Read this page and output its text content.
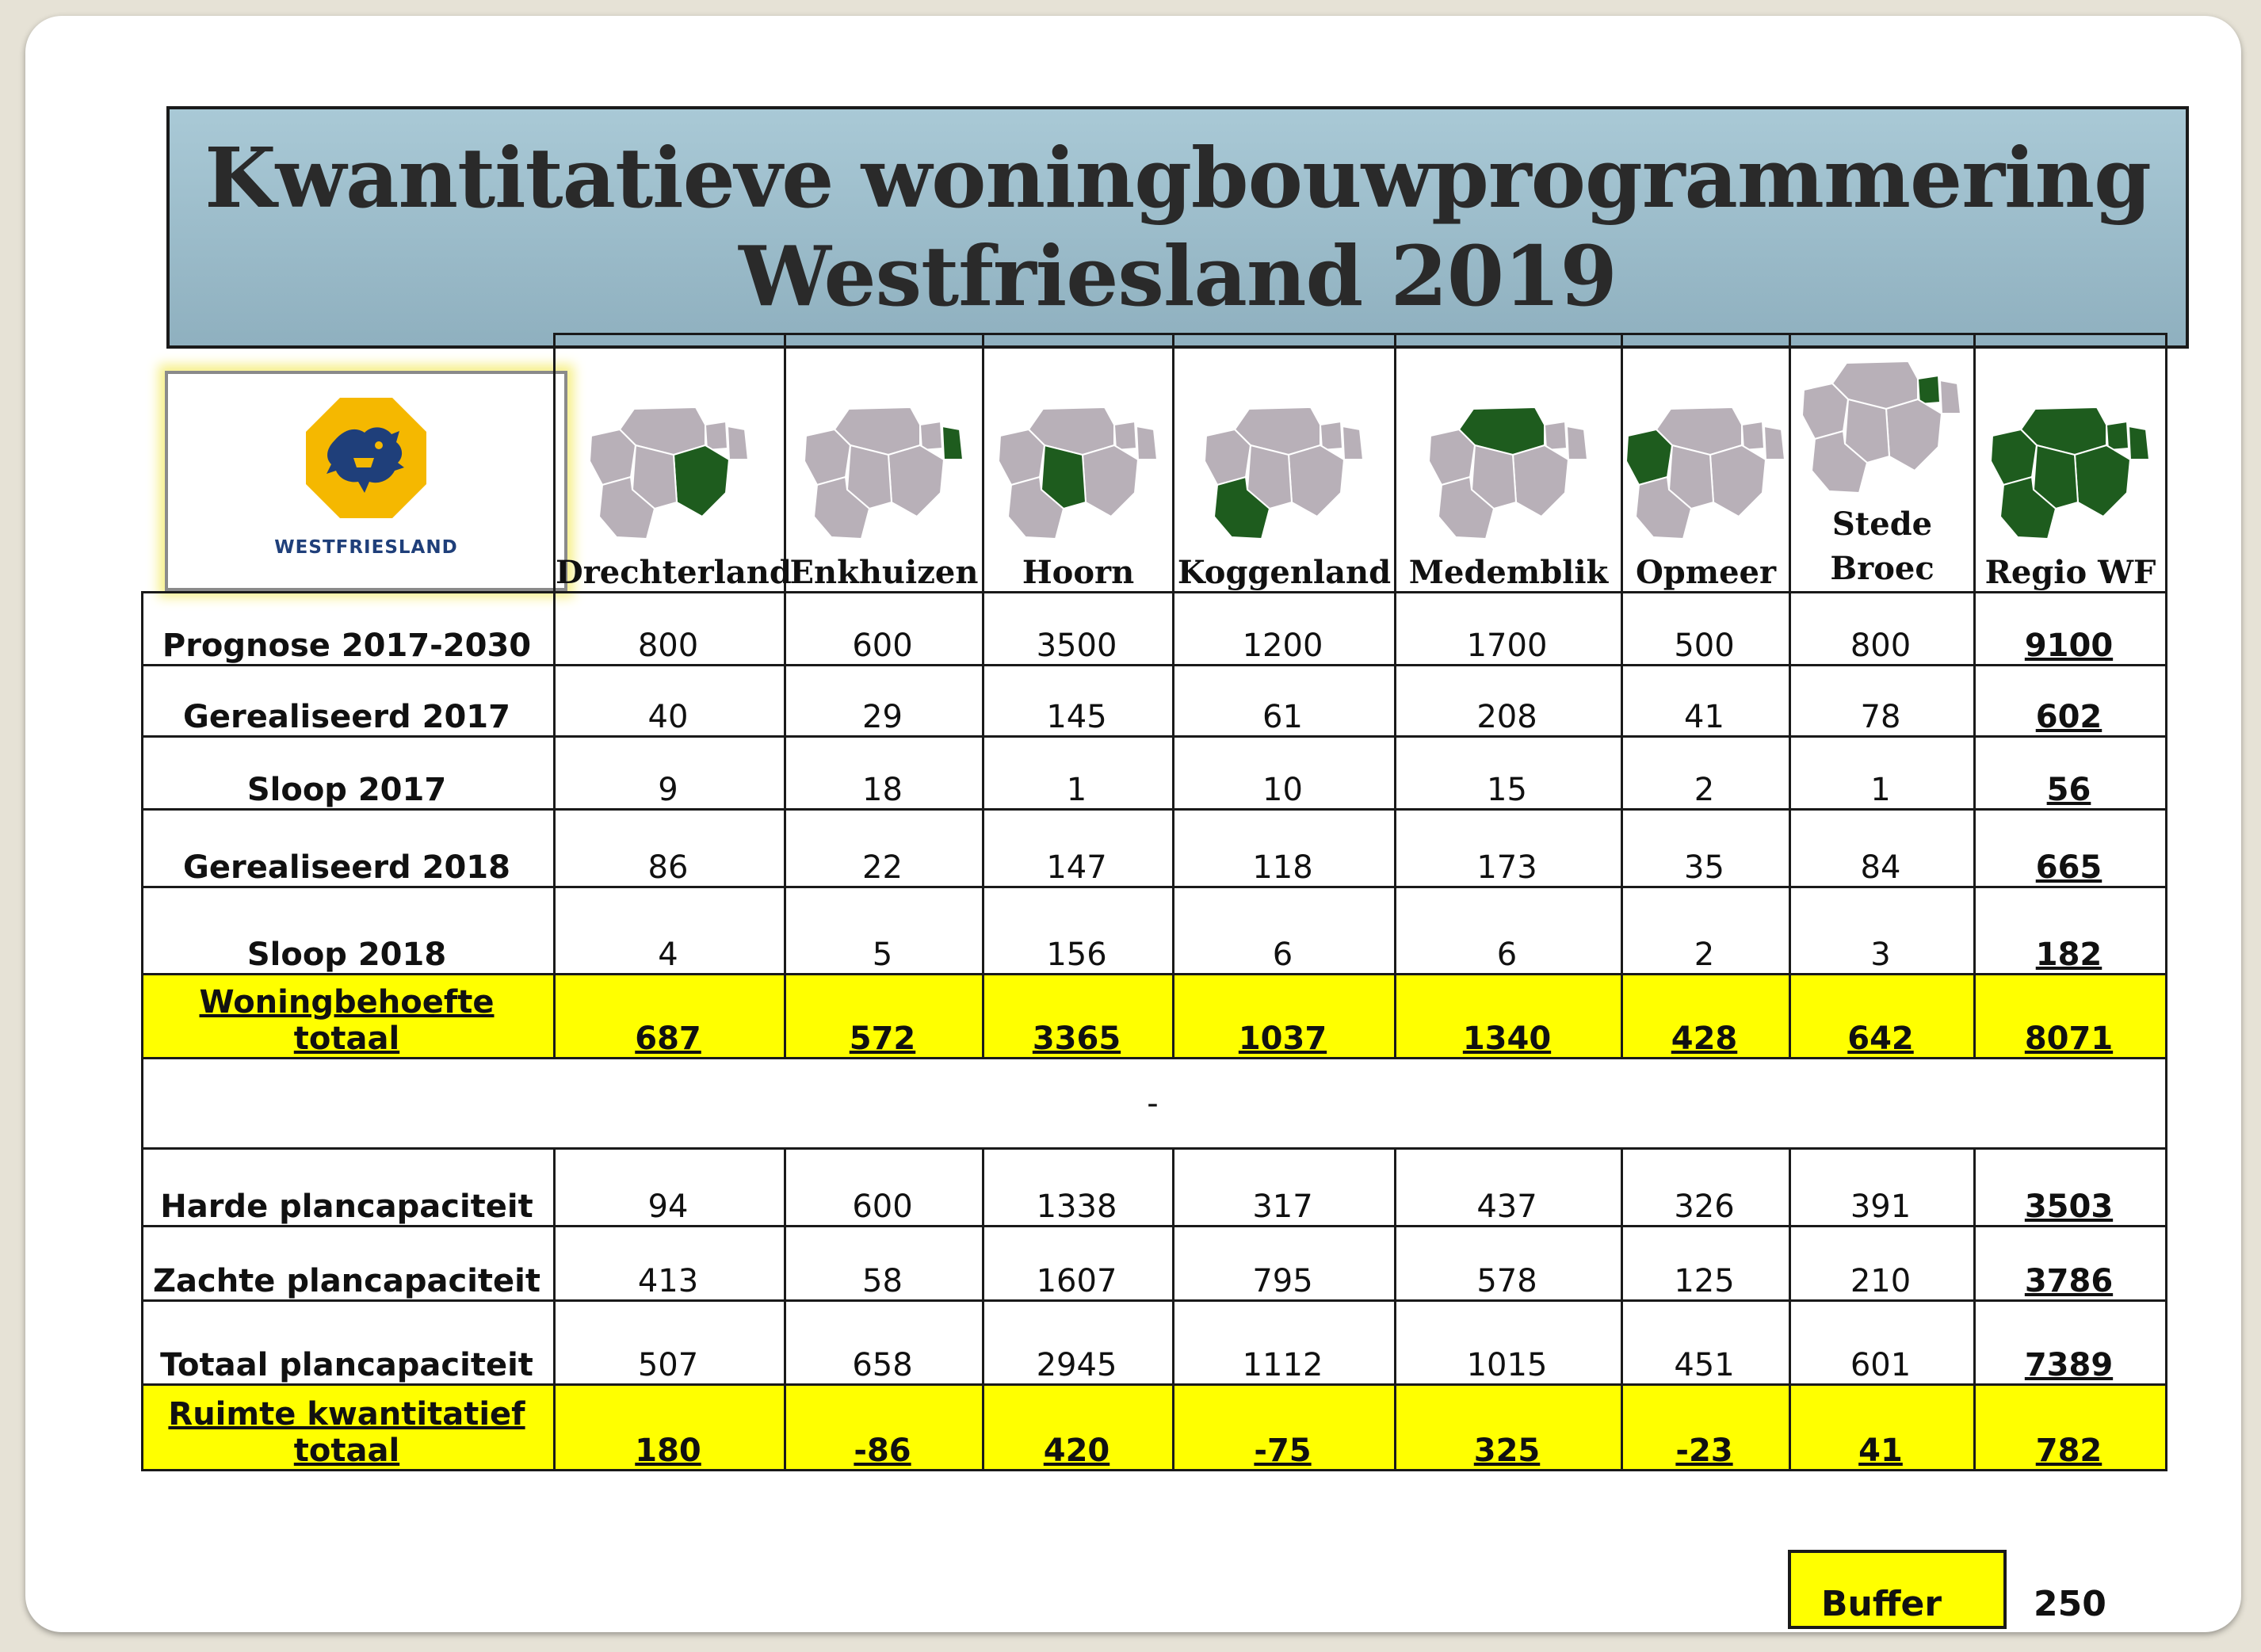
Kwantitatieve woningbouwprogrammering
Westfriesland 2019
WESTFRIESLAND

	Drechterland	Enkhuizen	Hoorn	Koggenland	Medemblik	Opmeer	Stede Broec	Regio WF

Prognose 2017-2030	800	600	3500	1200	1700	500	800	9100
Gerealiseerd 2017	40	29	145	61	208	41	78	602
Sloop 2017	9	18	1	10	15	2	1	56
Gerealiseerd 2018	86	22	147	118	173	35	84	665
Sloop 2018	4	5	156	6	6	2	3	182
Woningbehoefte totaal	687	572	3365	1037	1340	428	642	8071
-								
Harde plancapaciteit	94	600	1338	317	437	326	391	3503
Zachte plancapaciteit	413	58	1607	795	578	125	210	3786
Totaal plancapaciteit	507	658	2945	1112	1015	451	601	7389
Ruimte kwantitatief totaal	180	-86	420	-75	325	-23	41	782
Buffer	250
